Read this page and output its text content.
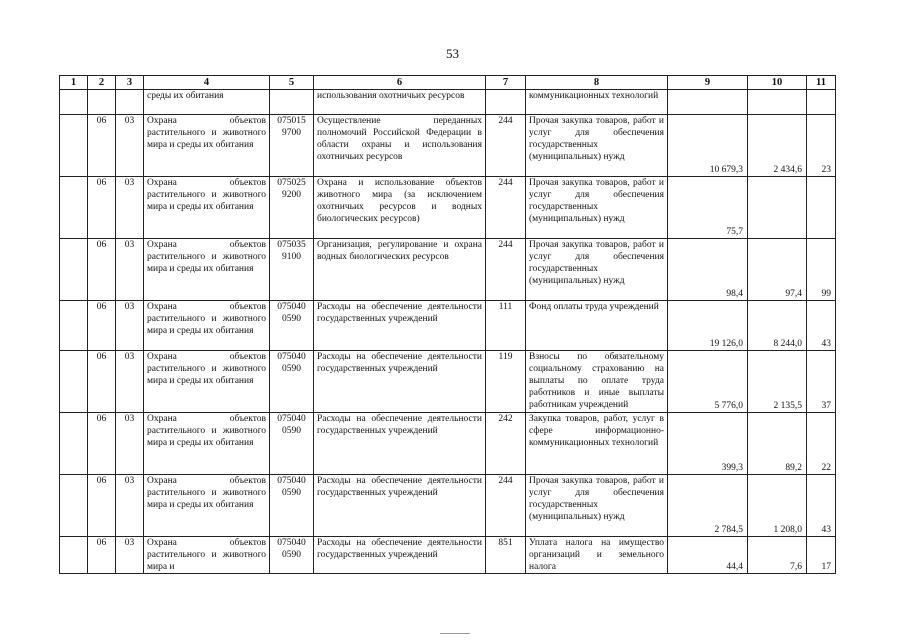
53
1	2	3	4	5	6	7	8	9	10	11
			среды их обитания		использования охотничьих ресурсов		коммуникационных технологий			
	06	03	Охрана объектов растительного и животного мира и среды их обитания	075015 9700	Осуществление переданных полномочий Российской Федерации в области охраны и использования охотничьих ресурсов	244	Прочая закупка товаров, работ и услуг для обеспечения государственных (муниципальных) нужд	10 679,3	2 434,6	23
	06	03	Охрана объектов растительного и животного мира и среды их обитания	075025 9200	Охрана и использование объектов животного мира (за исключением охотничьих ресурсов и водных биологических ресурсов)	244	Прочая закупка товаров, работ и услуг для обеспечения государственных (муниципальных) нужд	75,7		
	06	03	Охрана объектов растительного и животного мира и среды их обитания	075035 9100	Организация, регулирование и охрана водных биологических ресурсов	244	Прочая закупка товаров, работ и услуг для обеспечения государственных (муниципальных) нужд	98,4	97,4	99
	06	03	Охрана объектов растительного и животного мира и среды их обитания	075040 0590	Расходы на обеспечение деятельности государственных учреждений	111	Фонд оплаты труда учреждений	19 126,0	8 244,0	43
	06	03	Охрана объектов растительного и животного мира и среды их обитания	075040 0590	Расходы на обеспечение деятельности государственных учреждений	119	Взносы по обязательному социальному страхованию на выплаты по оплате труда работников и иные выплаты работникам учреждений	5 776,0	2 135,5	37
	06	03	Охрана объектов растительного и животного мира и среды их обитания	075040 0590	Расходы на обеспечение деятельности государственных учреждений	242	Закупка товаров, работ, услуг в сфере информационно-коммуникационных технологий	399,3	89,2	22
	06	03	Охрана объектов растительного и животного мира и среды их обитания	075040 0590	Расходы на обеспечение деятельности государственных учреждений	244	Прочая закупка товаров, работ и услуг для обеспечения государственных (муниципальных) нужд	2 784,5	1 208,0	43
	06	03	Охрана объектов растительного и животного мира и	075040 0590	Расходы на обеспечение деятельности государственных учреждений	851	Уплата налога на имущество организаций и земельного налога	44,4	7,6	17
